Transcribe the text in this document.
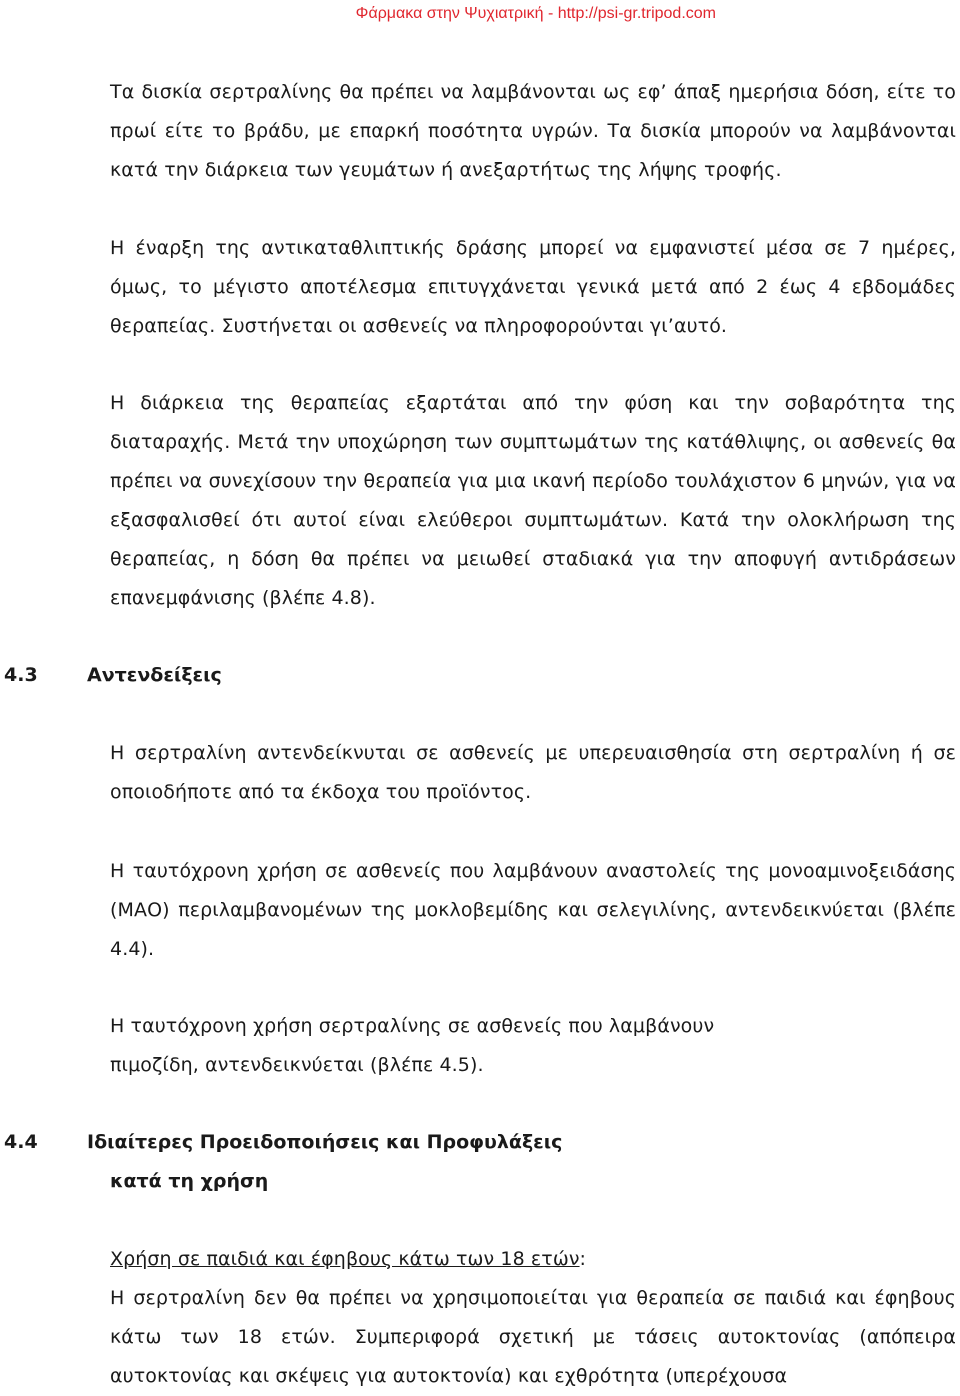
Φάρμακα στην Ψυχιατρική - http://psi-gr.tripod.com
Τα δισκία σερτραλίνης θα πρέπει να λαμβάνονται ως εφ’ άπαξ ημερήσια δόση, είτε το πρωί είτε το βράδυ, με επαρκή ποσότητα υγρών. Τα δισκία μπορούν να λαμβάνονται κατά την διάρκεια των γευμάτων ή ανεξαρτήτως της λήψης τροφής.
Η έναρξη της αντικαταθλιπτικής δράσης μπορεί να εμφανιστεί μέσα σε 7 ημέρες, όμως, το μέγιστο αποτέλεσμα επιτυγχάνεται γενικά μετά από 2 έως 4 εβδομάδες θεραπείας. Συστήνεται οι ασθενείς να πληροφορούνται γι’αυτό.
Η διάρκεια της θεραπείας εξαρτάται από την φύση και την σοβαρότητα της διαταραχής. Μετά την υποχώρηση των συμπτωμάτων της κατάθλιψης, οι ασθενείς θα πρέπει να συνεχίσουν την θεραπεία για μια ικανή περίοδο τουλάχιστον 6 μηνών, για να εξασφαλισθεί ότι αυτοί είναι ελεύθεροι συμπτωμάτων. Κατά την ολοκλήρωση της θεραπείας, η δόση θα πρέπει να μειωθεί σταδιακά για την αποφυγή αντιδράσεων επανεμφάνισης (βλέπε 4.8).
4.3	Αντενδείξεις
Η σερτραλίνη αντενδείκνυται σε ασθενείς με υπερευαισθησία στη σερτραλίνη ή σε οποιοδήποτε από τα έκδοχα του προϊόντος.
Η ταυτόχρονη χρήση σε ασθενείς που λαμβάνουν αναστολείς της μονοαμινοξειδάσης (ΜΑΟ) περιλαμβανομένων της μοκλοβεμίδης και σελεγιλίνης, αντενδεικνύεται (βλέπε 4.4).
Η ταυτόχρονη χρήση σερτραλίνης σε ασθενείς που λαμβάνουν
πιμοζίδη, αντενδεικνύεται (βλέπε 4.5).
4.4	Ιδιαίτερες Προειδοποιήσεις και Προφυλάξεις
κατά τη χρήση
Χρήση σε παιδιά και έφηβους κάτω των 18 ετών:
Η σερτραλίνη δεν θα πρέπει να χρησιμοποιείται για θεραπεία σε παιδιά και έφηβους κάτω των 18 ετών. Συμπεριφορά σχετική με τάσεις αυτοκτονίας (απόπειρα αυτοκτονίας και σκέψεις για αυτοκτονία) και εχθρότητα (υπερέχουσα
